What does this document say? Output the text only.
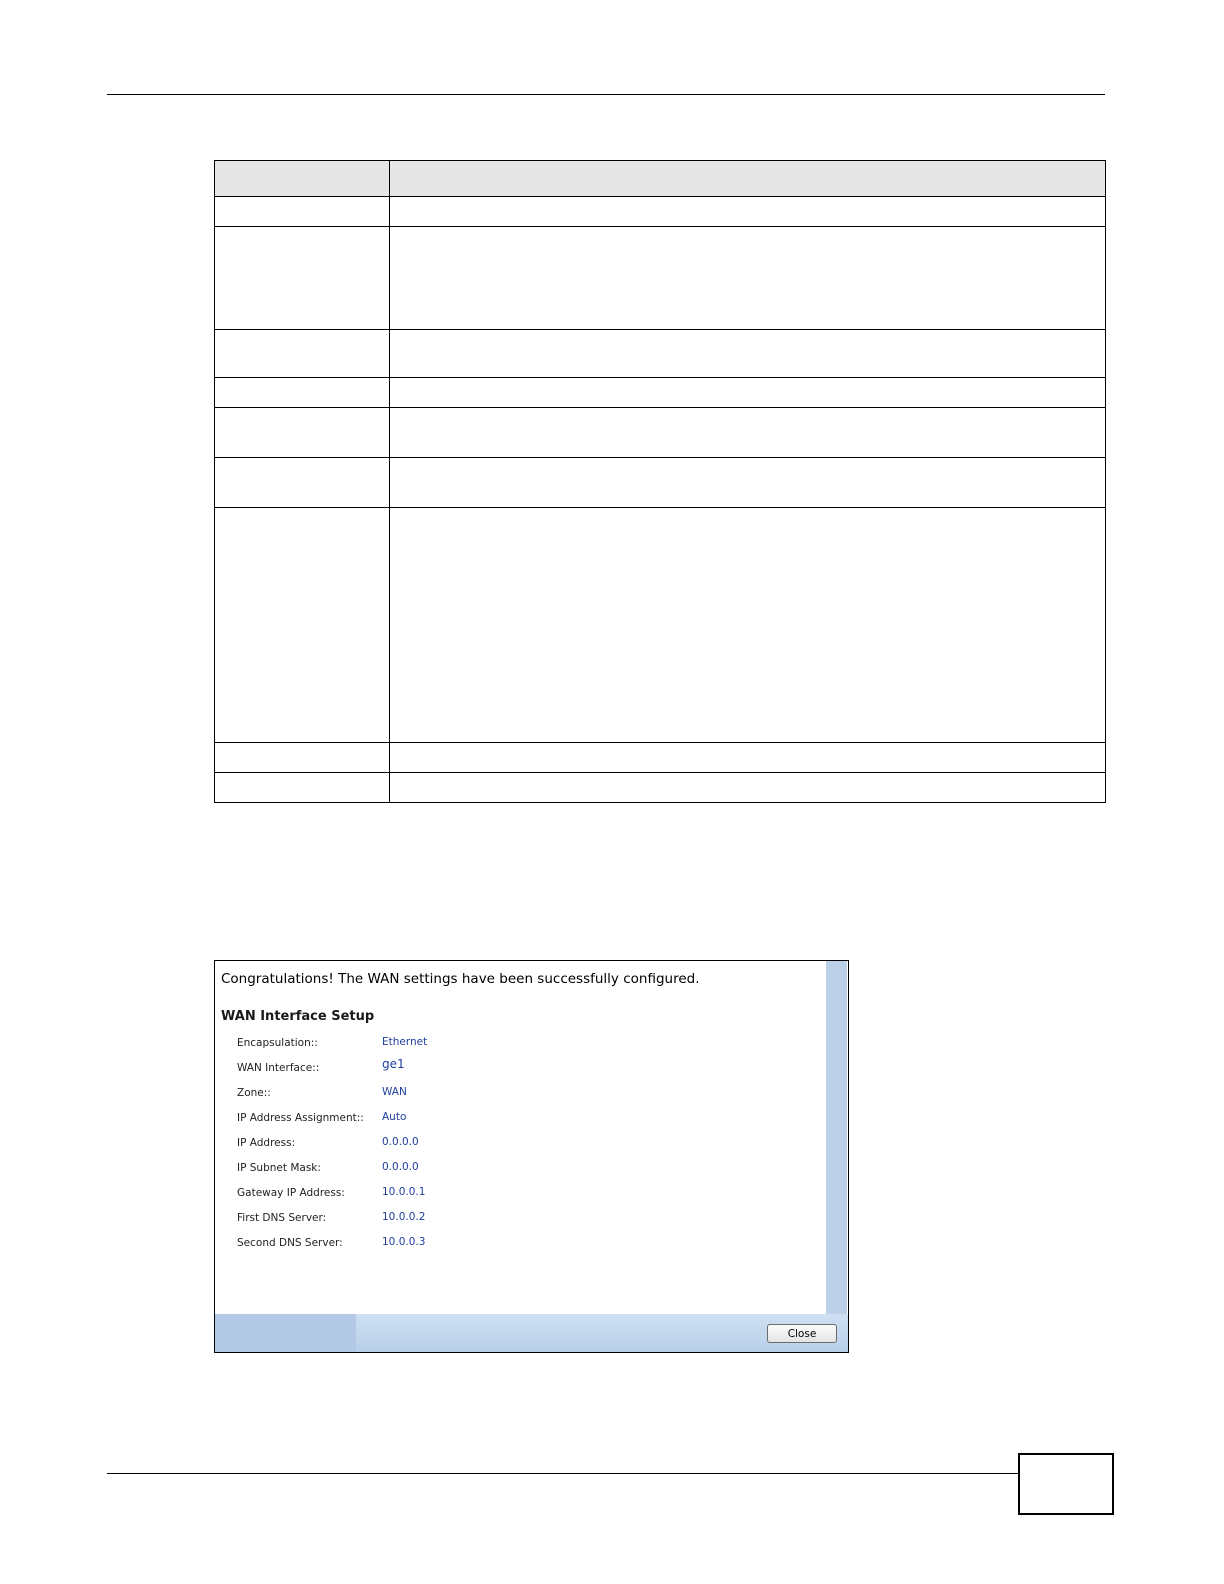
Congratulations! The WAN settings have been successfully configured.
WAN Interface Setup
Encapsulation::	Ethernet
WAN Interface::	ge1
Zone::	WAN
IP Address Assignment:: Auto
IP Address:	0.0.0.0
IP Subnet Mask:	0.0.0.0
Gateway IP Address:	10.0.0.1
First DNS Server:	10.0.0.2
Second DNS Server:	10.0.0.3
Close
